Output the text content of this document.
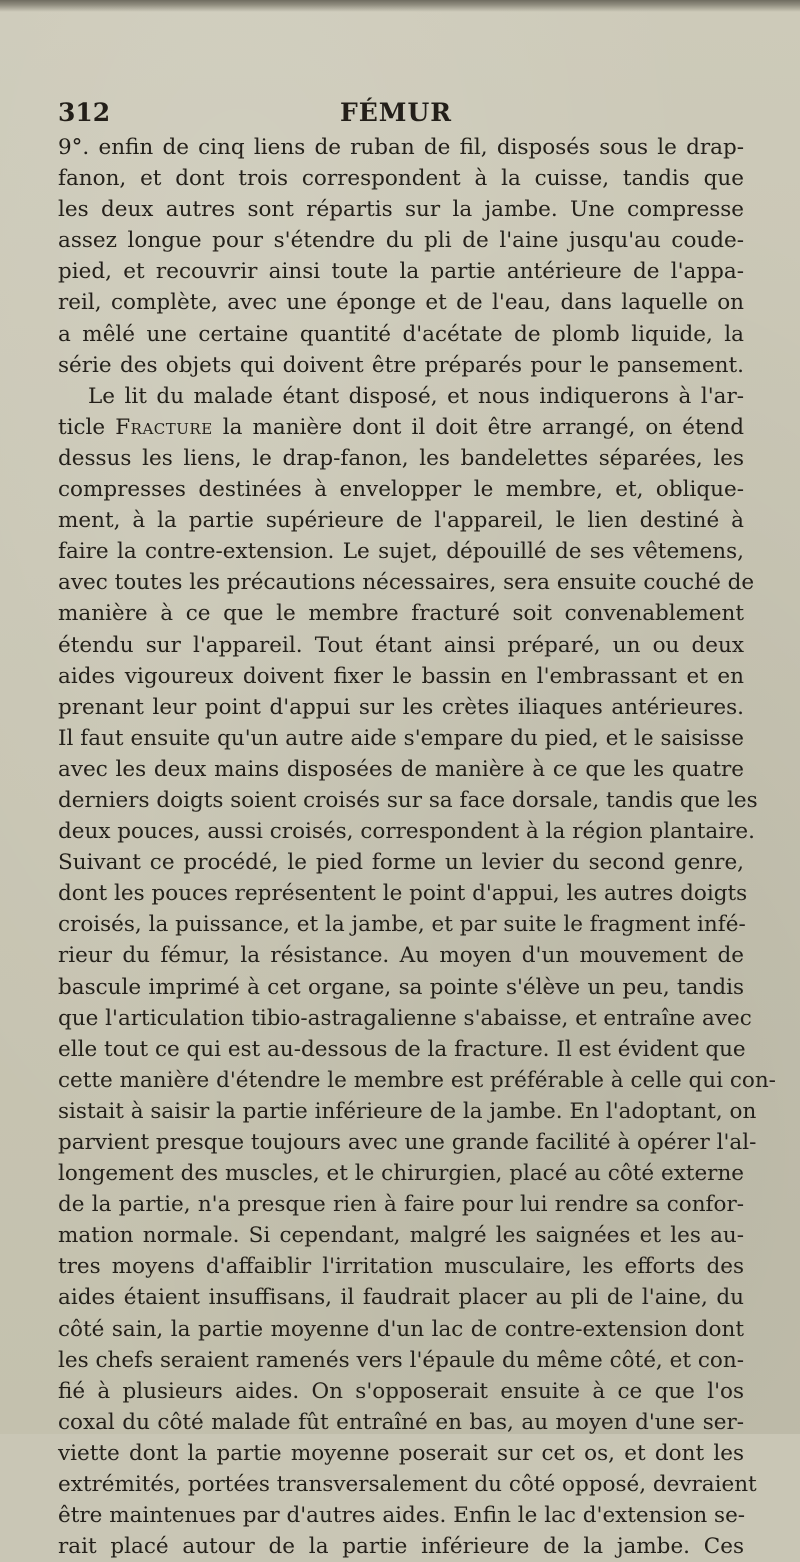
312	FÉMUR
9°. enfin de cinq liens de ruban de fil, disposés sous le drap-
fanon, et dont trois correspondent à la cuisse, tandis que
les deux autres sont répartis sur la jambe. Une compresse
assez longue pour s'étendre du pli de l'aine jusqu'au coude-
pied, et recouvrir ainsi toute la partie antérieure de l'appa-
reil, complète, avec une éponge et de l'eau, dans laquelle on
a mêlé une certaine quantité d'acétate de plomb liquide, la
série des objets qui doivent être préparés pour le pansement.
Le lit du malade étant disposé, et nous indiquerons à l'ar-
ticle Fracture la manière dont il doit être arrangé, on étend
dessus les liens, le drap-fanon, les bandelettes séparées, les
compresses destinées à envelopper le membre, et, oblique-
ment, à la partie supérieure de l'appareil, le lien destiné à
faire la contre-extension. Le sujet, dépouillé de ses vêtemens,
avec toutes les précautions nécessaires, sera ensuite couché de
manière à ce que le membre fracturé soit convenablement
étendu sur l'appareil. Tout étant ainsi préparé, un ou deux
aides vigoureux doivent fixer le bassin en l'embrassant et en
prenant leur point d'appui sur les crètes iliaques antérieures.
Il faut ensuite qu'un autre aide s'empare du pied, et le saisisse
avec les deux mains disposées de manière à ce que les quatre
derniers doigts soient croisés sur sa face dorsale, tandis que les
deux pouces, aussi croisés, correspondent à la région plantaire.
Suivant ce procédé, le pied forme un levier du second genre,
dont les pouces représentent le point d'appui, les autres doigts
croisés, la puissance, et la jambe, et par suite le fragment infé-
rieur du fémur, la résistance. Au moyen d'un mouvement de
bascule imprimé à cet organe, sa pointe s'élève un peu, tandis
que l'articulation tibio-astragalienne s'abaisse, et entraîne avec
elle tout ce qui est au-dessous de la fracture. Il est évident que
cette manière d'étendre le membre est préférable à celle qui con-
sistait à saisir la partie inférieure de la jambe. En l'adoptant, on
parvient presque toujours avec une grande facilité à opérer l'al-
longement des muscles, et le chirurgien, placé au côté externe
de la partie, n'a presque rien à faire pour lui rendre sa confor-
mation normale. Si cependant, malgré les saignées et les au-
tres moyens d'affaiblir l'irritation musculaire, les efforts des
aides étaient insuffisans, il faudrait placer au pli de l'aine, du
côté sain, la partie moyenne d'un lac de contre-extension dont
les chefs seraient ramenés vers l'épaule du même côté, et con-
fié à plusieurs aides. On s'opposerait ensuite à ce que l'os
coxal du côté malade fût entraîné en bas, au moyen d'une ser-
viette dont la partie moyenne poserait sur cet os, et dont les
extrémités, portées transversalement du côté opposé, devraient
être maintenues par d'autres aides. Enfin le lac d'extension se-
rait placé autour de la partie inférieure de la jambe. Ces
